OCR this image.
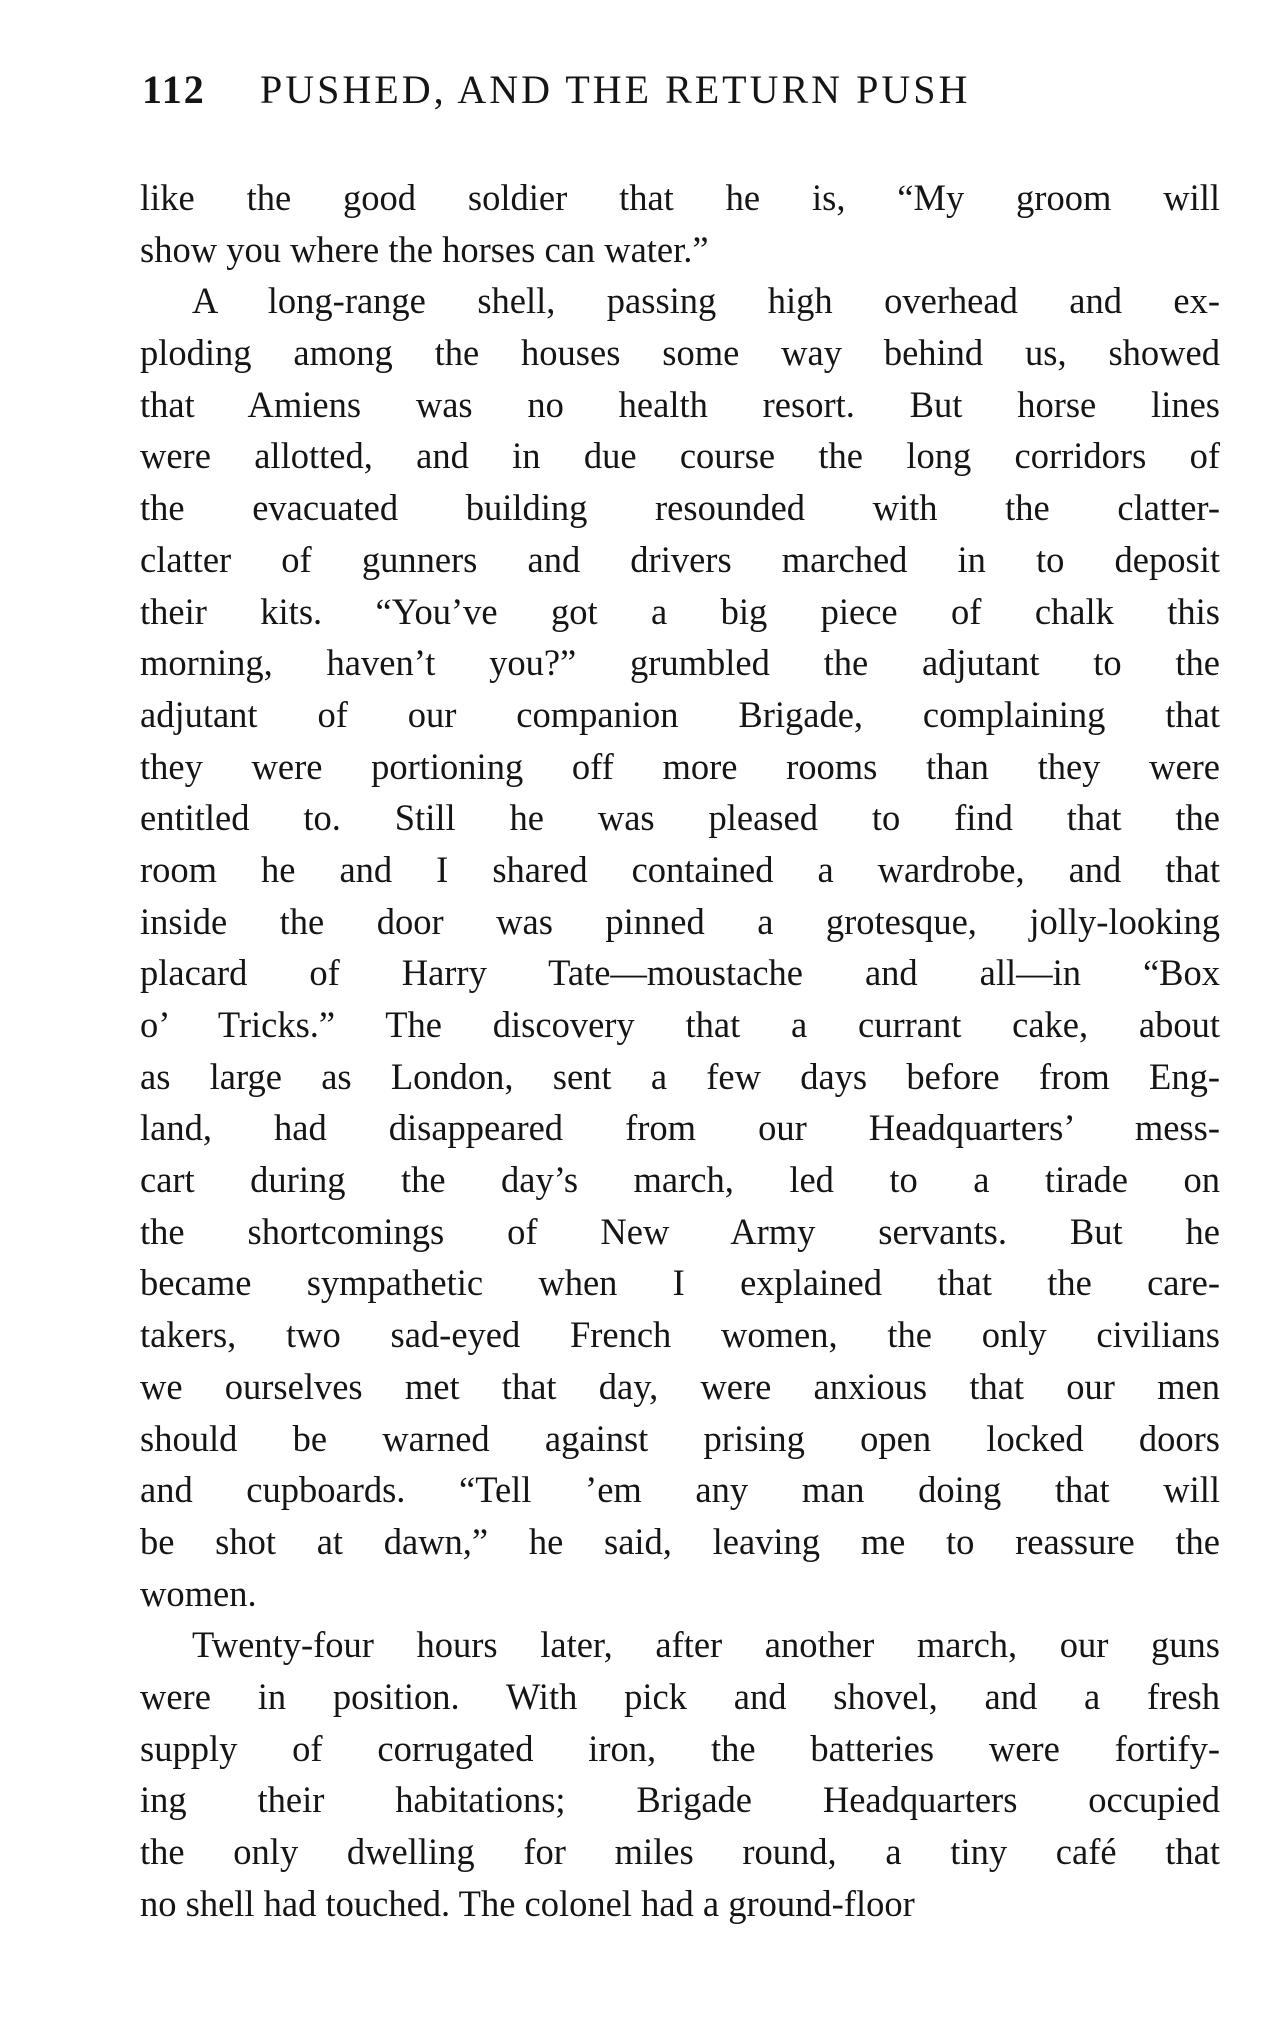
112 PUSHED, AND THE RETURN PUSH
like the good soldier that he is, “My groom will
show you where the horses can water.”
A long-range shell, passing high overhead and ex-
ploding among the houses some way behind us, showed
that Amiens was no health resort. But horse lines
were allotted, and in due course the long corridors of
the evacuated building resounded with the clatter-
clatter of gunners and drivers marched in to deposit
their kits. “You’ve got a big piece of chalk this
morning, haven’t you?” grumbled the adjutant to the
adjutant of our companion Brigade, complaining that
they were portioning off more rooms than they were
entitled to. Still he was pleased to find that the
room he and I shared contained a wardrobe, and that
inside the door was pinned a grotesque, jolly-looking
placard of Harry Tate—moustache and all—in “Box
o’ Tricks.” The discovery that a currant cake, about
as large as London, sent a few days before from Eng-
land, had disappeared from our Headquarters’ mess-
cart during the day’s march, led to a tirade on
the shortcomings of New Army servants. But he
became sympathetic when I explained that the care-
takers, two sad-eyed French women, the only civilians
we ourselves met that day, were anxious that our men
should be warned against prising open locked doors
and cupboards. “Tell ’em any man doing that will
be shot at dawn,” he said, leaving me to reassure the
women.
Twenty-four hours later, after another march, our guns
were in position. With pick and shovel, and a fresh
supply of corrugated iron, the batteries were fortify-
ing their habitations; Brigade Headquarters occupied
the only dwelling for miles round, a tiny café that
no shell had touched. The colonel had a ground-floor
